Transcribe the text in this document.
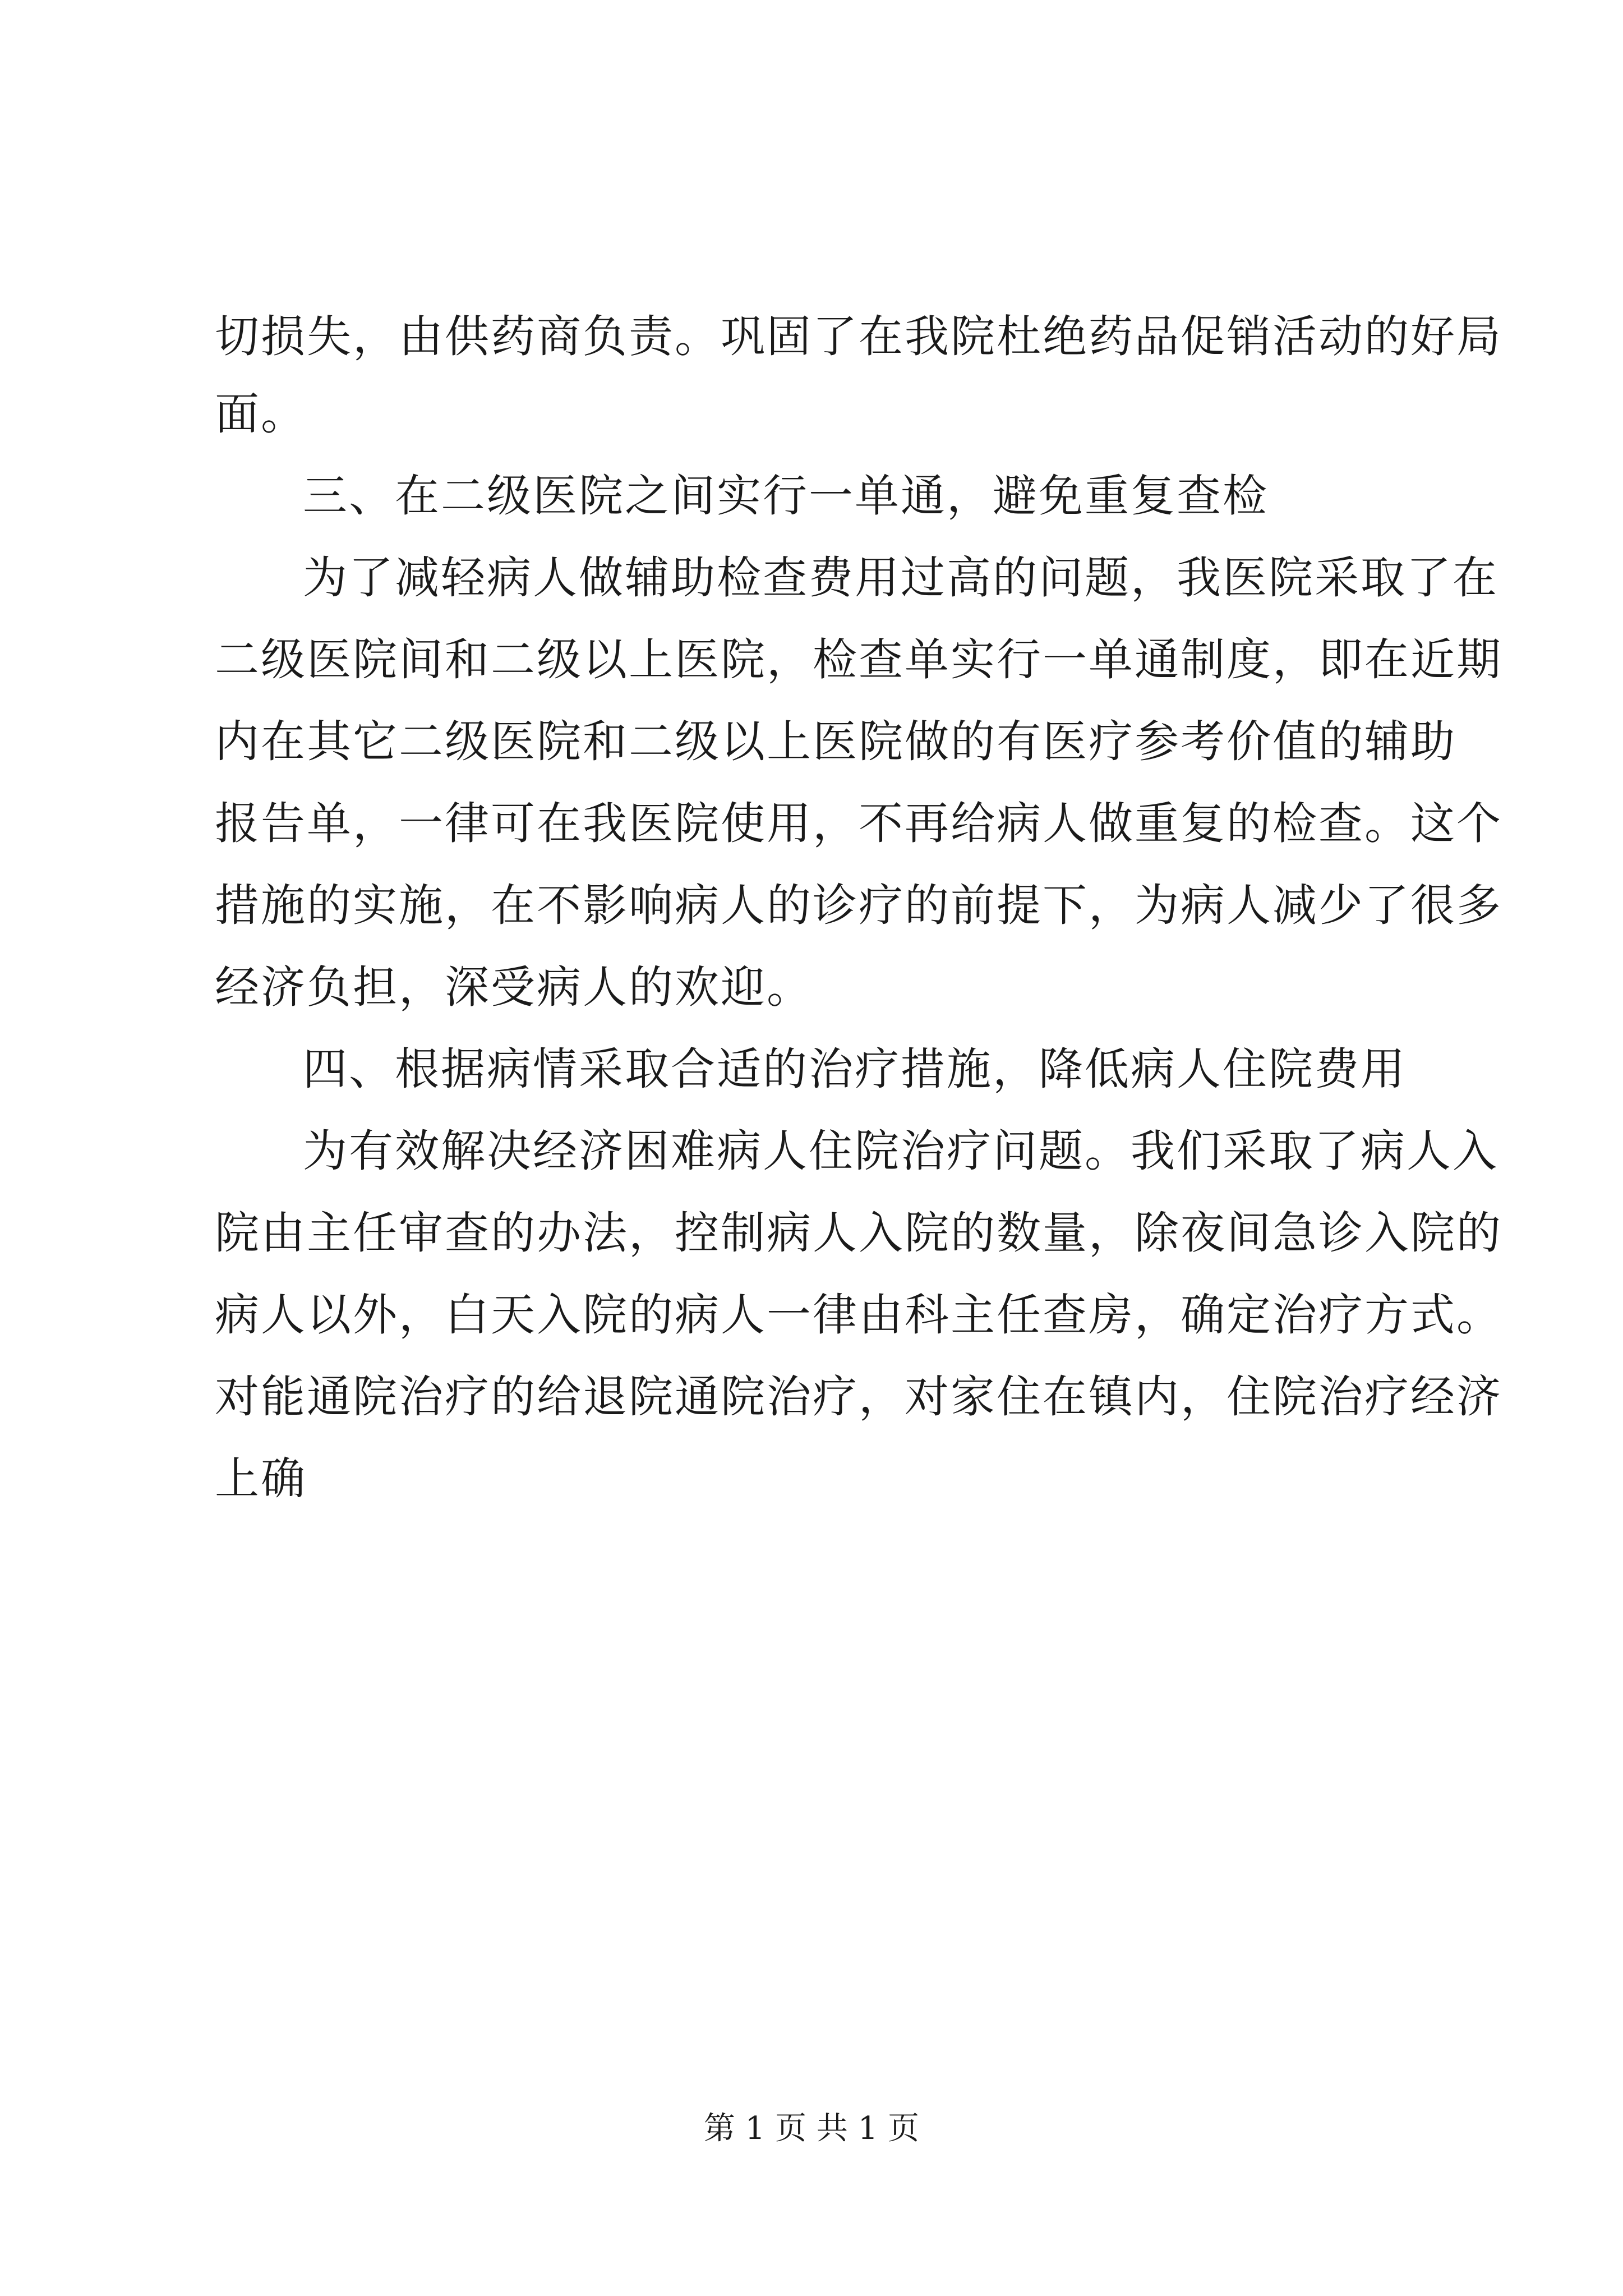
切损失，由供药商负责。巩固了在我院杜绝药品促销活动的好局
面。
三、在二级医院之间实行一单通，避免重复查检
为了减轻病人做辅助检查费用过高的问题，我医院采取了在
二级医院间和二级以上医院，检查单实行一单通制度，即在近期
内在其它二级医院和二级以上医院做的有医疗参考价值的辅助
报告单，一律可在我医院使用，不再给病人做重复的检查。这个
措施的实施，在不影响病人的诊疗的前提下，为病人减少了很多
经济负担，深受病人的欢迎。
四、根据病情采取合适的治疗措施，降低病人住院费用
为有效解决经济困难病人住院治疗问题。我们采取了病人入
院由主任审查的办法，控制病人入院的数量，除夜间急诊入院的
病人以外，白天入院的病人一律由科主任查房，确定治疗方式。
对能通院治疗的给退院通院治疗，对家住在镇内，住院治疗经济
上确
第 1 页 共 1 页
